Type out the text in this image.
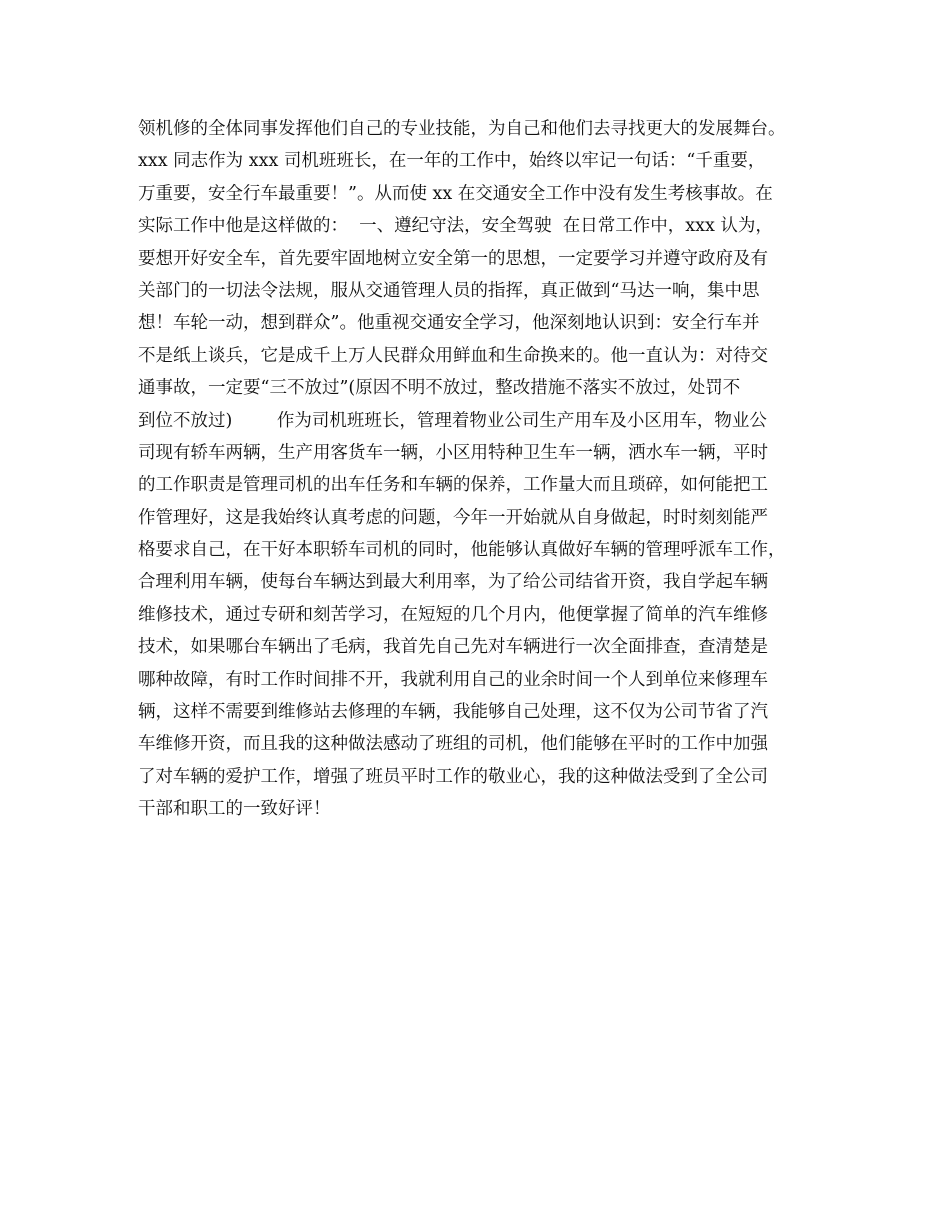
领机修的全体同事发挥他们自己的专业技能，为自己和他们去寻找更大的发展舞台。
xxx 同志作为 xxx 司机班班长，在一年的工作中，始终以牢记一句话：“千重要，
万重要，安全行车最重要！”。从而使 xx 在交通安全工作中没有发生考核事故。在
实际工作中他是这样做的：  一、遵纪守法，安全驾驶  在日常工作中，xxx 认为，
要想开好安全车，首先要牢固地树立安全第一的思想，一定要学习并遵守政府及有
关部门的一切法令法规，服从交通管理人员的指挥，真正做到“马达一响，集中思
想！车轮一动，想到群众”。他重视交通安全学习，他深刻地认识到：安全行车并
不是纸上谈兵，它是成千上万人民群众用鲜血和生命换来的。他一直认为：对待交
通事故，一定要“三不放过”(原因不明不放过，整改措施不落实不放过，处罚不
到位不放过)        作为司机班班长，管理着物业公司生产用车及小区用车，物业公
司现有轿车两辆，生产用客货车一辆，小区用特种卫生车一辆，洒水车一辆，平时
的工作职责是管理司机的出车任务和车辆的保养，工作量大而且琐碎，如何能把工
作管理好，这是我始终认真考虑的问题，今年一开始就从自身做起，时时刻刻能严
格要求自己，在干好本职轿车司机的同时，他能够认真做好车辆的管理呼派车工作，
合理利用车辆，使每台车辆达到最大利用率，为了给公司结省开资，我自学起车辆
维修技术，通过专研和刻苦学习，在短短的几个月内，他便掌握了简单的汽车维修
技术，如果哪台车辆出了毛病，我首先自己先对车辆进行一次全面排查，查清楚是
哪种故障，有时工作时间排不开，我就利用自己的业余时间一个人到单位来修理车
辆，这样不需要到维修站去修理的车辆，我能够自己处理，这不仅为公司节省了汽
车维修开资，而且我的这种做法感动了班组的司机，他们能够在平时的工作中加强
了对车辆的爱护工作，增强了班员平时工作的敬业心，我的这种做法受到了全公司
干部和职工的一致好评！
